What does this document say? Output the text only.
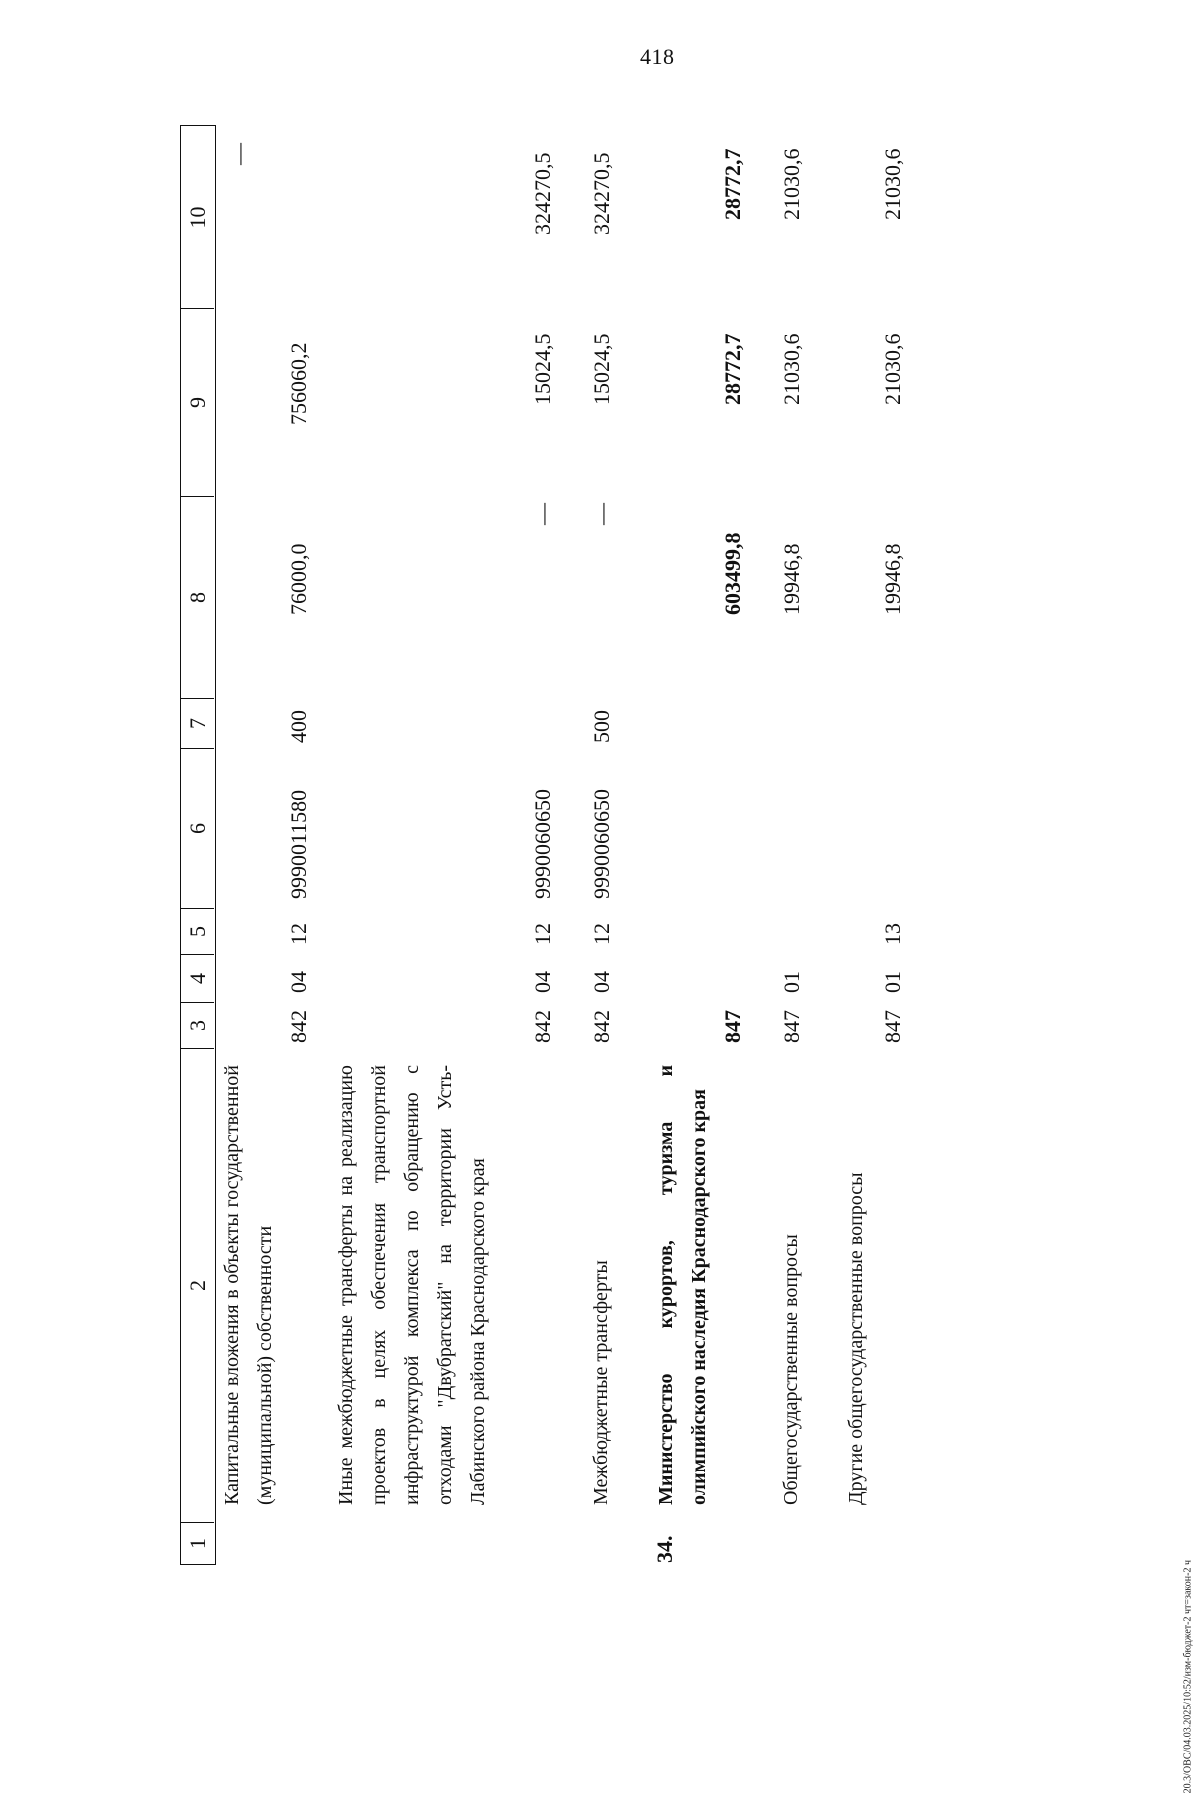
418
20.3/ОВС/04.03.2025/10:52/изм-бюджет-2 чт=закон-2 ч
1
2
3
4
5
6
7
8
9
10
Капитальные вложения в объекты государственной (муниципальной) собственности
842
04
12
9990011580
400
76000,0
756060,2
—
Иные межбюджетные трансферты на реализацию проектов в целях обеспечения транспортной инфраструктурой комплекса по обращению с отходами "Двубратский" на территории Усть-Лабинского района Краснодарского края
842
04
12
9990060650
—
15024,5
324270,5
Межбюджетные трансферты
842
04
12
9990060650
500
—
15024,5
324270,5
34.
Министерство курортов, туризма и олимпийского наследия Краснодарского края
847
603499,8
28772,7
28772,7
Общегосударственные вопросы
847
01
19946,8
21030,6
21030,6
Другие общегосударственные вопросы
847
01
13
19946,8
21030,6
21030,6
